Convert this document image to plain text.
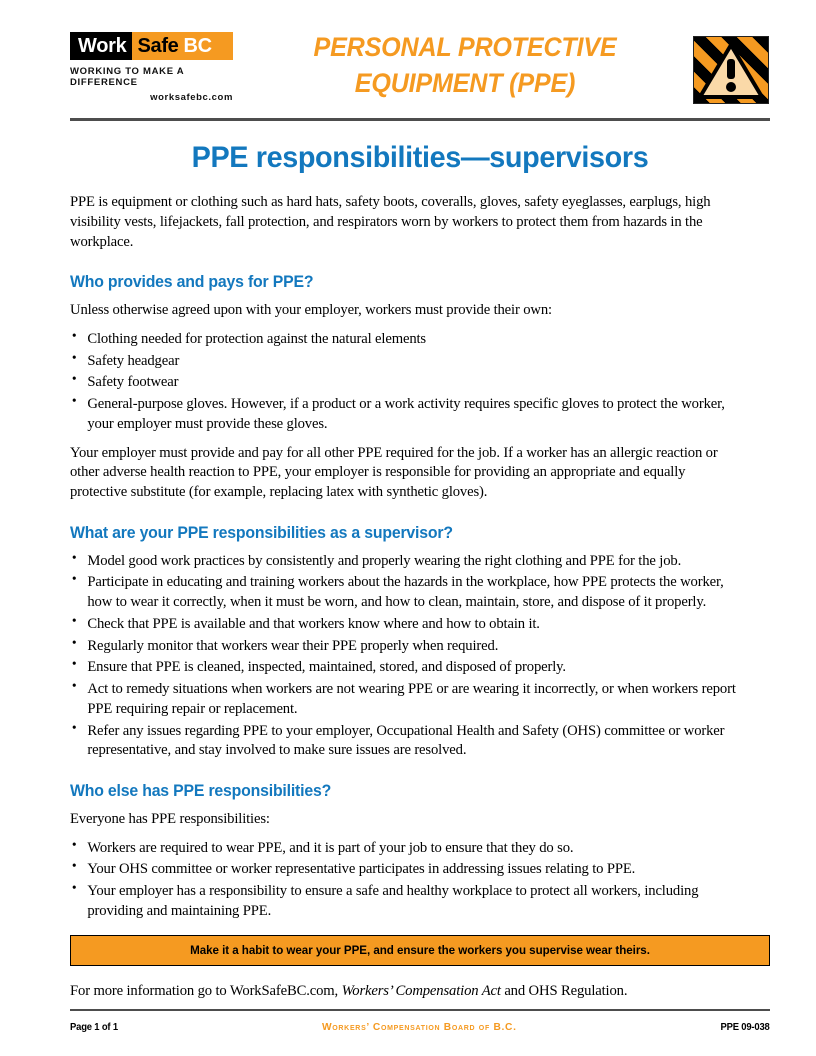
Work Safe BC
WORKING TO MAKE A DIFFERENCE
worksafebc.com
PERSONAL PROTECTIVE EQUIPMENT (PPE)
PPE responsibilities—supervisors

PPE is equipment or clothing such as hard hats, safety boots, coveralls, gloves, safety eyeglasses, earplugs, high visibility vests, lifejackets, fall protection, and respirators worn by workers to protect them from hazards in the workplace.

Who provides and pays for PPE?

Unless otherwise agreed upon with your employer, workers must provide their own:

• Clothing needed for protection against the natural elements
• Safety headgear
• Safety footwear
• General-purpose gloves. However, if a product or a work activity requires specific gloves to protect the worker, your employer must provide these gloves.

Your employer must provide and pay for all other PPE required for the job. If a worker has an allergic reaction or other adverse health reaction to PPE, your employer is responsible for providing an appropriate and equally protective substitute (for example, replacing latex with synthetic gloves).

What are your PPE responsibilities as a supervisor?
• Model good work practices by consistently and properly wearing the right clothing and PPE for the job.
• Participate in educating and training workers about the hazards in the workplace, how PPE protects the worker, how to wear it correctly, when it must be worn, and how to clean, maintain, store, and dispose of it properly.
• Check that PPE is available and that workers know where and how to obtain it.
• Regularly monitor that workers wear their PPE properly when required.
• Ensure that PPE is cleaned, inspected, maintained, stored, and disposed of properly.
• Act to remedy situations when workers are not wearing PPE or are wearing it incorrectly, or when workers report PPE requiring repair or replacement.
• Refer any issues regarding PPE to your employer, Occupational Health and Safety (OHS) committee or worker representative, and stay involved to make sure issues are resolved.
Who else has PPE responsibilities?

Everyone has PPE responsibilities:

• Workers are required to wear PPE, and it is part of your job to ensure that they do so.
• Your OHS committee or worker representative participates in addressing issues relating to PPE.
• Your employer has a responsibility to ensure a safe and healthy workplace to protect all workers, including providing and maintaining PPE.
Make it a habit to wear your PPE, and ensure the workers you supervise wear theirs.

For more information go to WorkSafeBC.com, Workers’ Compensation Act and OHS Regulation.

Page 1 of 1	Workers’ Compensation Board of B.C.	PPE 09-038
